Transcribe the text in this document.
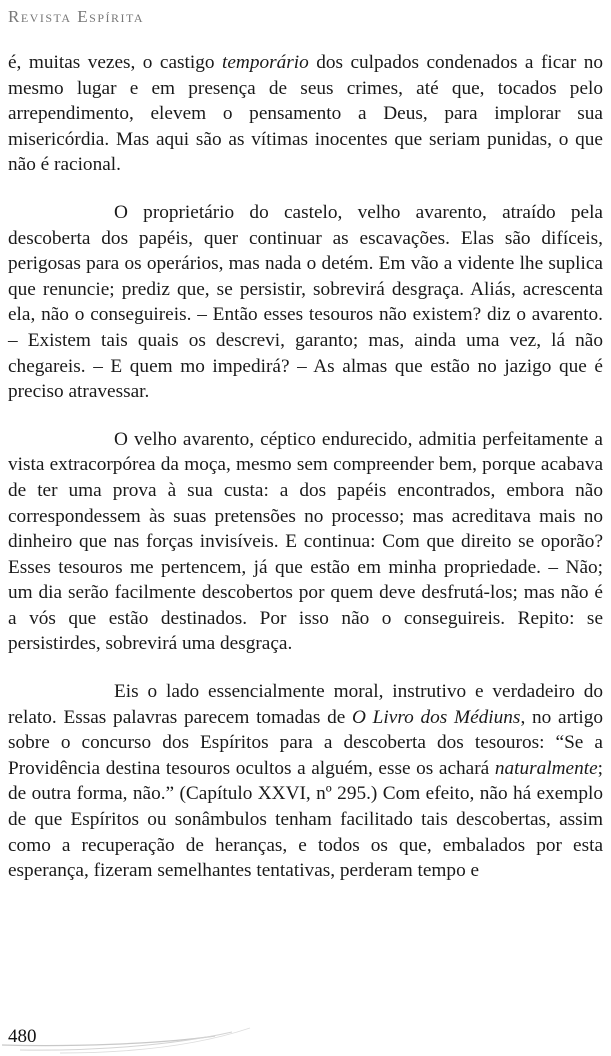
Revista Espírita

é, muitas vezes, o castigo temporário dos culpados condenados a ficar no mesmo lugar e em presença de seus crimes, até que, tocados pelo arrependimento, elevem o pensamento a Deus, para implorar sua misericórdia. Mas aqui são as vítimas inocentes que seriam punidas, o que não é racional.

O proprietário do castelo, velho avarento, atraído pela descoberta dos papéis, quer continuar as escavações. Elas são difíceis, perigosas para os operários, mas nada o detém. Em vão a vidente lhe suplica que renuncie; prediz que, se persistir, sobrevirá desgraça. Aliás, acrescenta ela, não o conseguireis. – Então esses tesouros não existem? diz o avarento. – Existem tais quais os descrevi, garanto; mas, ainda uma vez, lá não chegareis. – E quem mo impedirá? – As almas que estão no jazigo que é preciso atravessar.

O velho avarento, céptico endurecido, admitia perfeitamente a vista extracorpórea da moça, mesmo sem compreender bem, porque acabava de ter uma prova à sua custa: a dos papéis encontrados, embora não correspondessem às suas pretensões no processo; mas acreditava mais no dinheiro que nas forças invisíveis. E continua: Com que direito se oporão? Esses tesouros me pertencem, já que estão em minha propriedade. – Não; um dia serão facilmente descobertos por quem deve desfrutá-los; mas não é a vós que estão destinados. Por isso não o conseguireis. Repito: se persistirdes, sobrevirá uma desgraça.

Eis o lado essencialmente moral, instrutivo e verdadeiro do relato. Essas palavras parecem tomadas de O Livro dos Médiuns, no artigo sobre o concurso dos Espíritos para a descoberta dos tesouros: “Se a Providência destina tesouros ocultos a alguém, esse os achará naturalmente; de outra forma, não.” (Capítulo XXVI, nº 295.) Com efeito, não há exemplo de que Espíritos ou sonâmbulos tenham facilitado tais descobertas, assim como a recuperação de heranças, e todos os que, embalados por esta esperança, fizeram semelhantes tentativas, perderam tempo e

480
